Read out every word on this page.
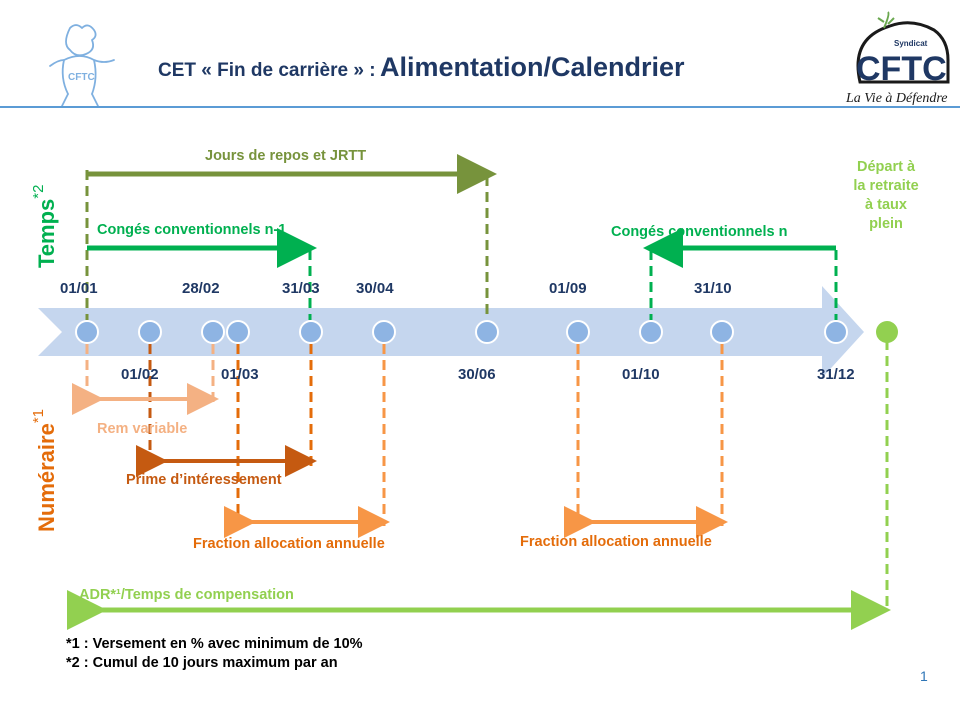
CFTC	CET « Fin de carrière » : Alimentation/Calendrier
Syndicat
CFTC
La Vie à Défendre
Temps$^{*2}$
Numéraire$^{*1}$
Jours de repos et JRTT
Congés conventionnels n-1	Congés conventionnels n
Départ à
la retraite
à taux
plein
01/01	28/02	31/03 30/04	01/09	31/10
01/02	01/03	30/06	01/10	31/12
Rem variable
Prime d’intéressement
Fraction allocation annuelle	Fraction allocation annuelle
ADR*¹/Temps de compensation
*1 : Versement en % avec minimum de 10%
*2 : Cumul de 10 jours maximum par an
1
